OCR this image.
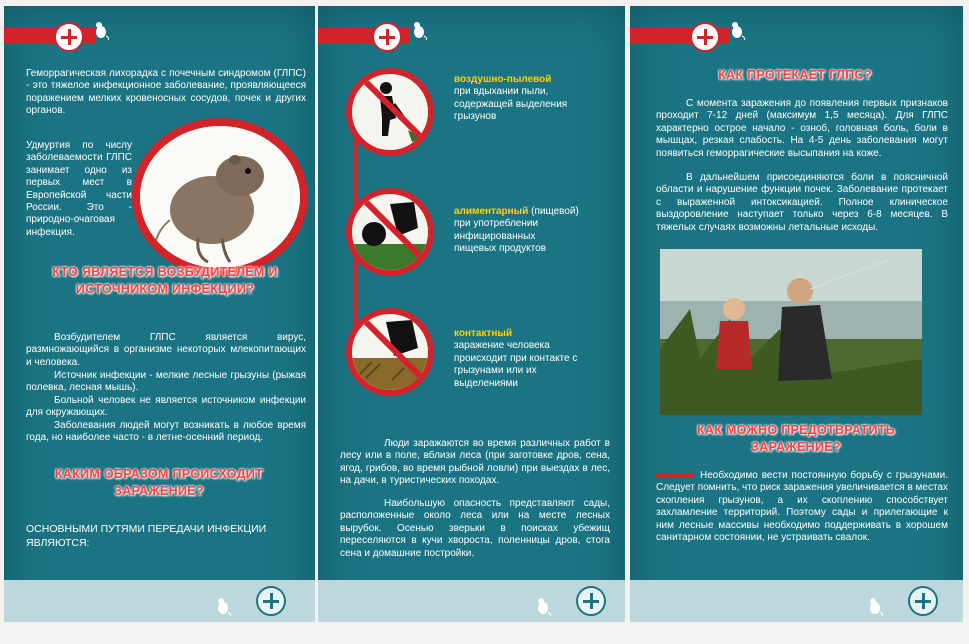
Геморрагическая лихорадка с почечным синдромом (ГЛПС) - это тяжелое инфекционное заболевание, проявляющееся поражением мелких кровеносных сосудов, почек и других органов.
Удмуртия по числу заболеваемости ГЛПС занимает одно из первых мест в Европейской части России. Это - природно-очаговая инфекция.
КТО ЯВЛЯЕТСЯ ВОЗБУДИТЕЛЕМ И ИСТОЧНИКОМ ИНФЕКЦИИ?
Возбудителем ГЛПС является вирус, размножающийся в организме некоторых млекопитающих и человека.
Источник инфекции - мелкие лесные грызуны (рыжая полевка, лесная мышь).
Больной человек не является источником инфекции для окружающих.
Заболевания людей могут возникать в любое время года, но наиболее часто - в летне-осенний период.
КАКИМ ОБРАЗОМ ПРОИСХОДИТ ЗАРАЖЕНИЕ?
ОСНОВНЫМИ ПУТЯМИ ПЕРЕДАЧИ ИНФЕКЦИИ ЯВЛЯЮТСЯ:
воздушно-пылевой
при вдыхании пыли, содержащей выделения грызунов
алиментарный (пищевой)
при употреблении инфицированных пищевых продуктов
контактный
заражение человека происходит при контакте с грызунами или их выделениями
Люди заражаются во время различных работ в лесу или в поле, вблизи леса (при заготовке дров, сена, ягод, грибов, во время рыбной ловли) при выездах в лес, на дачи, в туристических походах.
Наибольшую опасность представляют сады, расположенные около леса или на месте лесных вырубок. Осенью зверьки в поисках убежищ переселяются в кучи хвороста, поленницы дров, стога сена и домашние постройки.
КАК ПРОТЕКАЕТ ГЛПС?
С момента заражения до появления первых признаков проходит 7-12 дней (максимум 1,5 месяца). Для ГЛПС характерно острое начало - озноб, головная боль, боли в мышцах, резкая слабость. На 4-5 день заболевания могут появиться геморрагические высыпания на коже.
В дальнейшем присоединяются боли в поясничной области и нарушение функции почек. Заболевание протекает с выраженной интоксикацией. Полное клиническое выздоровление наступает только через 6-8 месяцев. В тяжелых случаях возможны летальные исходы.
КАК МОЖНО ПРЕДОТВРАТИТЬ ЗАРАЖЕНИЕ?
Необходимо вести постоянную борьбу с грызунами. Следует помнить, что риск заражения увеличивается в местах скопления грызунов, а их скоплению способствует захламление территорий. Поэтому сады и прилегающие к ним лесные массивы необходимо поддерживать в хорошем санитарном состоянии, не устраивать свалок.
